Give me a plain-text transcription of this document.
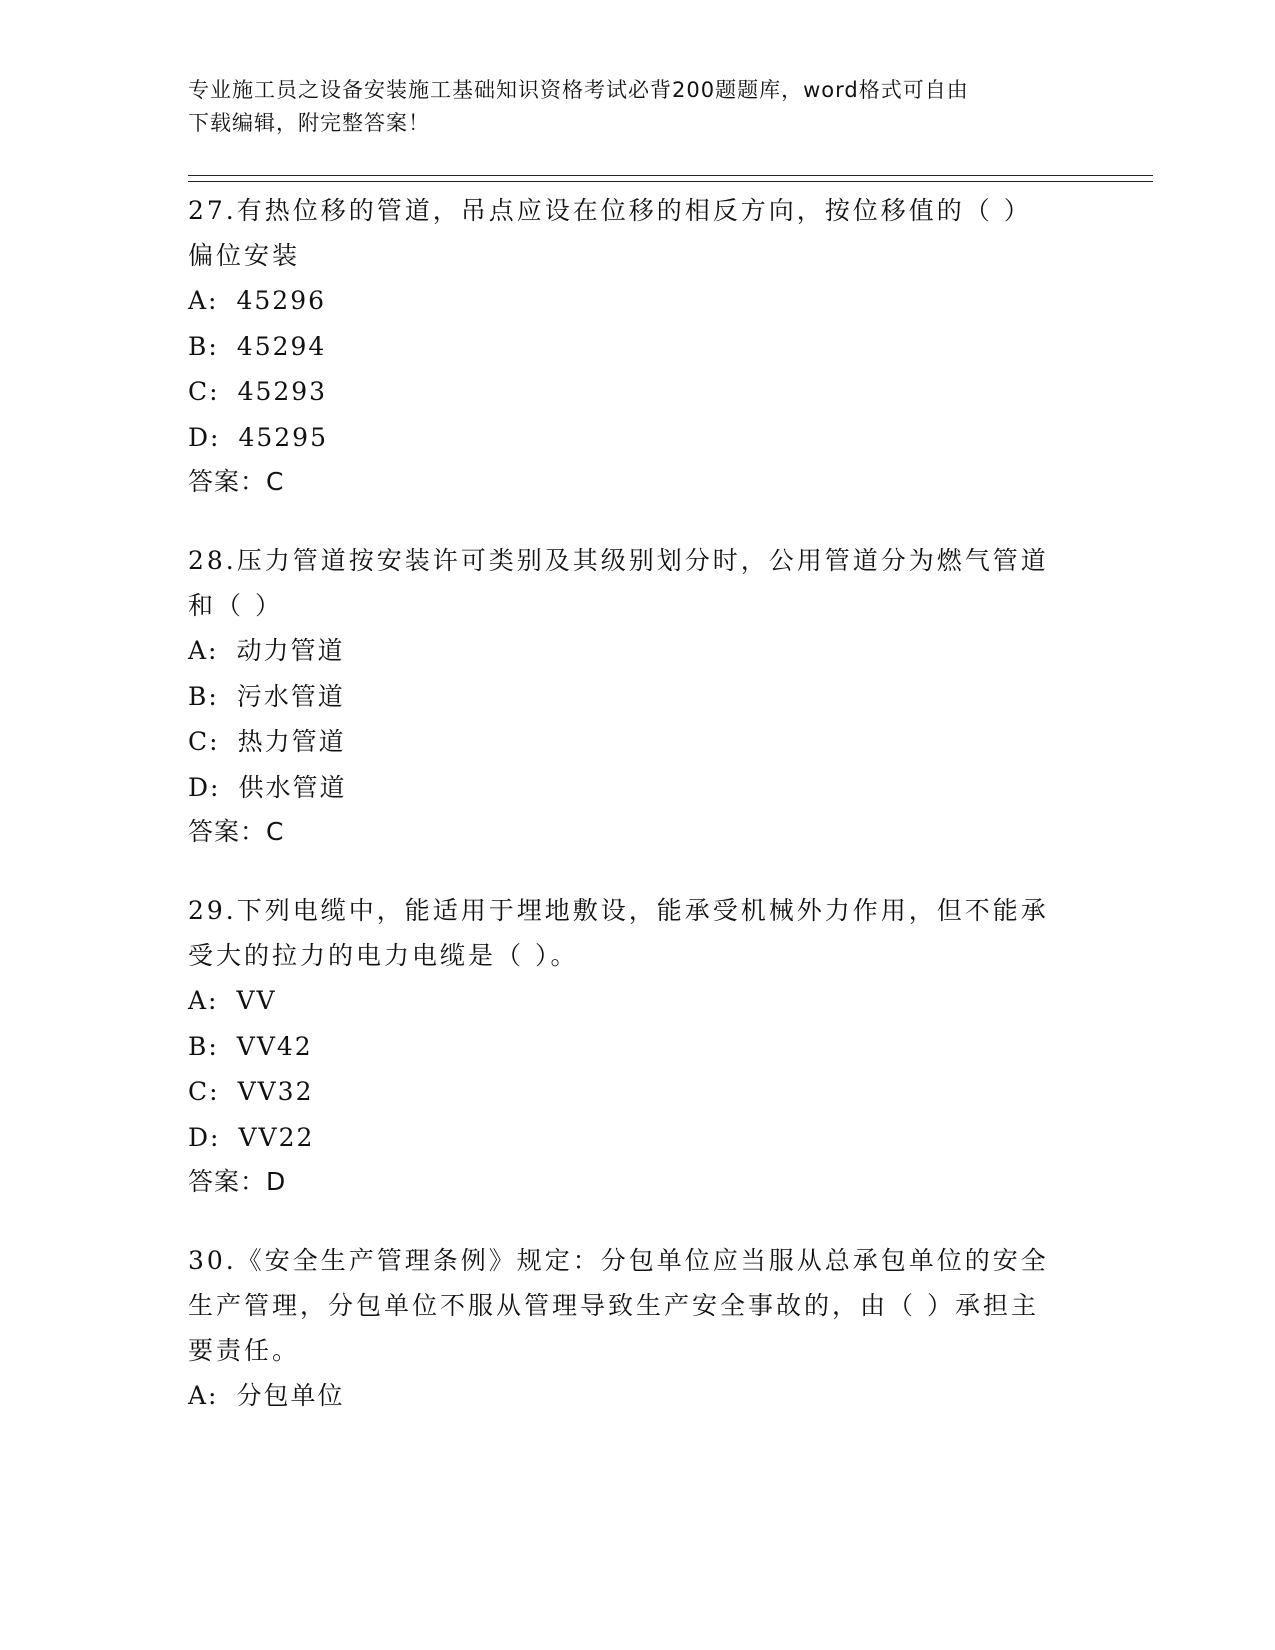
专业施工员之设备安装施工基础知识资格考试必背200题题库，word格式可自由
下载编辑，附完整答案！
27.有热位移的管道，吊点应设在位移的相反方向，按位移值的（ ）
偏位安装
A: 45296
B: 45294
C: 45293
D: 45295
答案：C
28.压力管道按安装许可类别及其级别划分时，公用管道分为燃气管道
和（ ）
A: 动力管道
B: 污水管道
C: 热力管道
D: 供水管道
答案：C
29.下列电缆中，能适用于埋地敷设，能承受机械外力作用，但不能承
受大的拉力的电力电缆是（ ）。
A: VV
B: VV42
C: VV32
D: VV22
答案：D
30.《安全生产管理条例》规定：分包单位应当服从总承包单位的安全
生产管理，分包单位不服从管理导致生产安全事故的，由（ ）承担主
要责任。
A: 分包单位
